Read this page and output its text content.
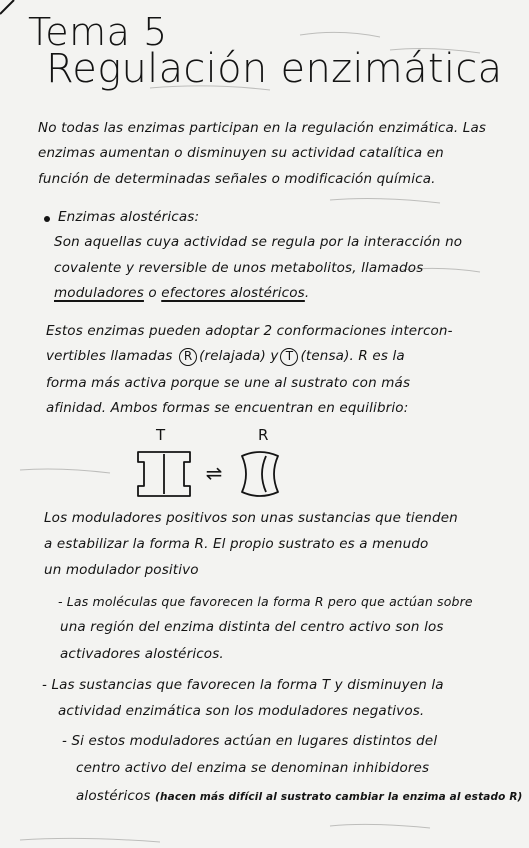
Tema 5
Regulación enzimática
No todas las enzimas participan en la regulación enzimática. Las
enzimas aumentan o disminuyen su actividad catalítica en
función de determinadas señales o modificación química.
Enzimas alostéricas:
Son aquellas cuya actividad se regula por la interacción no
covalente y reversible de unos metabolitos, llamados
moduladores o efectores alostéricos.
Estos enzimas pueden adoptar 2 conformaciones intercon-
vertibles llamadas R (relajada) y T (tensa). R es la
forma más activa porque se une al sustrato con más
afinidad. Ambos formas se encuentran en equilibrio:
T	R
⇌
Los moduladores positivos son unas sustancias que tienden
a estabilizar la forma R. El propio sustrato es a menudo
un modulador positivo
- Las moléculas que favorecen la forma R pero que actúan sobre
una región del enzima distinta del centro activo son los
activadores alostéricos.
- Las sustancias que favorecen la forma T y disminuyen la
actividad enzimática son los moduladores negativos.
- Si estos moduladores actúan en lugares distintos del
centro activo del enzima se denominan inhibidores
alostéricos (hacen más difícil al sustrato cambiar la enzima al estado R)
